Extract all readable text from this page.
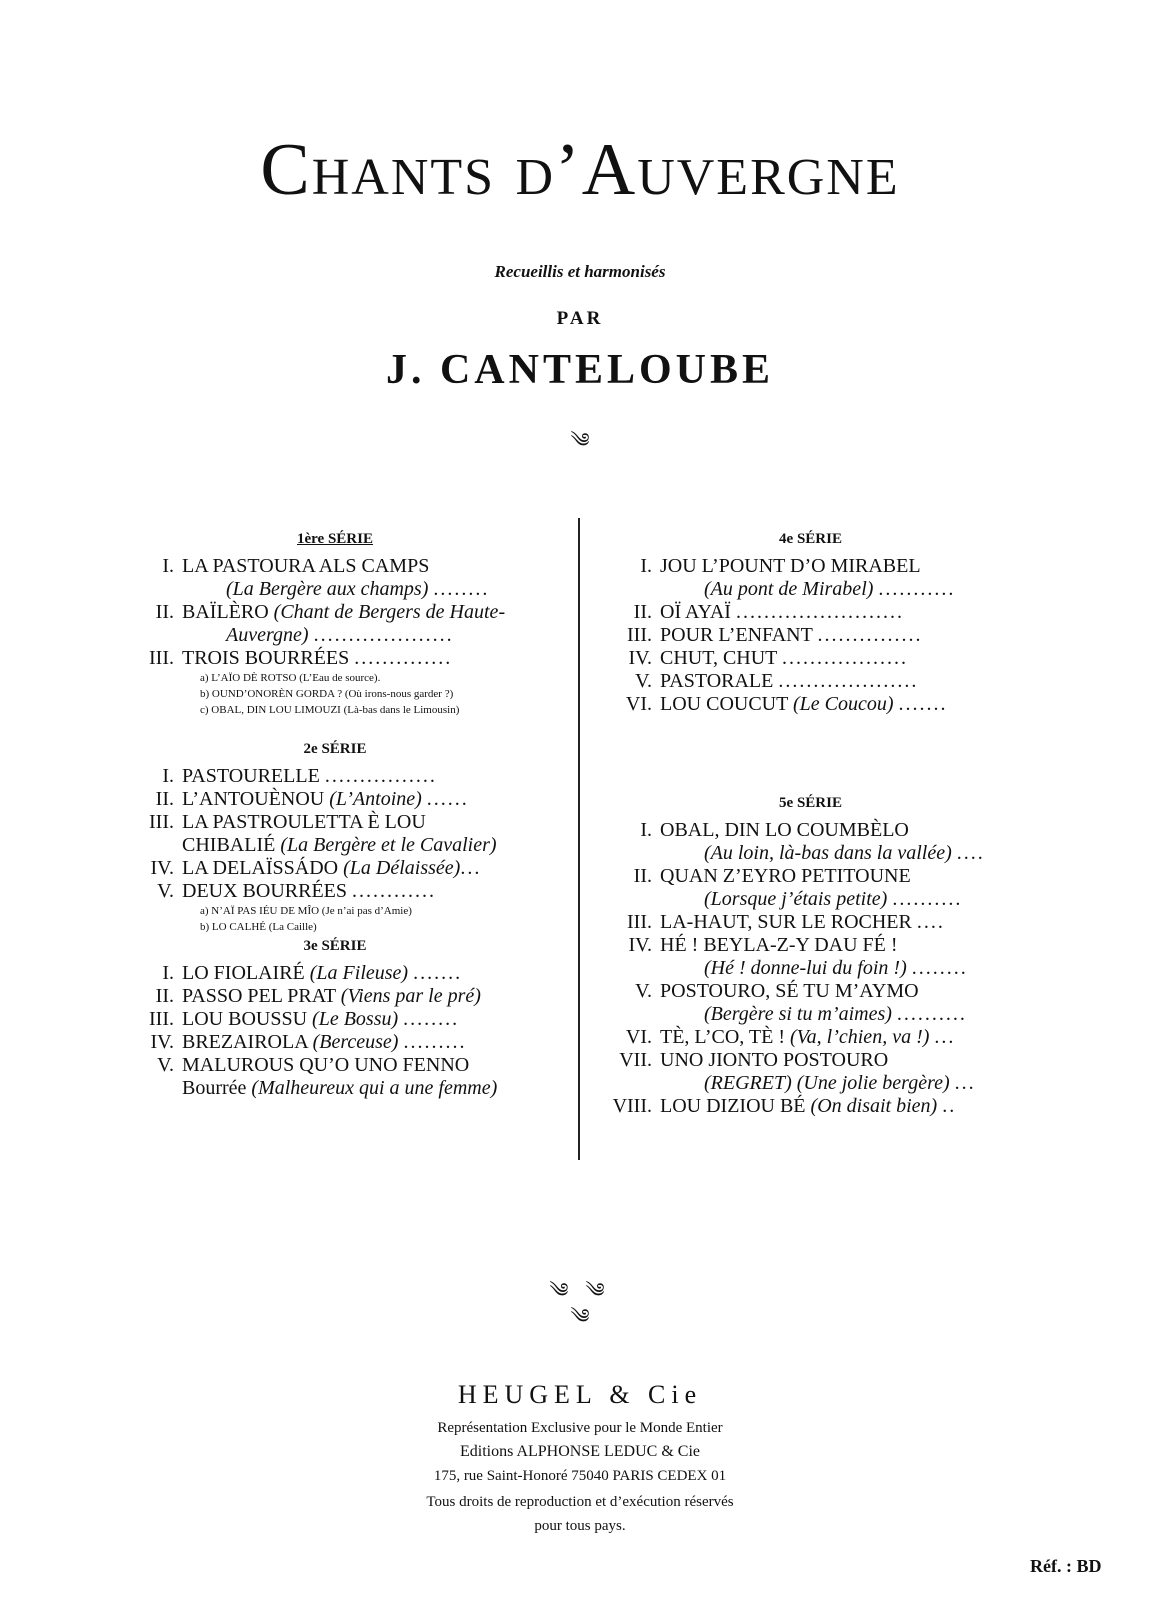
Chants d’Auvergne
Recueillis et harmonisés
PAR
J. CANTELOUBE
༄
1ère SÉRIE
I. LA PASTOURA ALS CAMPS

(La Bergère aux champs) ........
II. BAÏLÈRO (Chant de Bergers de Haute-

Auvergne) ....................
III. TROIS BOURRÉES ..............
a) L’AÏO DÈ ROTSO (L’Eau de source).
b) OUND’ONORÈN GORDA ? (Où irons-nous garder ?)
c) OBAL, DIN LOU LIMOUZI (Là-bas dans le Limousin)
2e SÉRIE
I. PASTOURELLE ................
II. L’ANTOUÈNOU (L’Antoine) ......
III. LA PASTROULETTA È LOU
CHIBALIÉ (La Bergère et le Cavalier)
IV. LA DELAÏSSÁDO (La Délaissée)...
V. DEUX BOURRÉES ............
a) N’AÏ PAS IÉU DE MÎO (Je n’ai pas d’Amie)
b) LO CALHÉ (La Caille)
3e SÉRIE
I. LO FIOLAIRÉ (La Fileuse) .......
II. PASSO PEL PRAT (Viens par le pré)
III. LOU BOUSSU (Le Bossu) ........
IV. BREZAIROLA (Berceuse) .........
V. MALUROUS QU’O UNO FENNO
Bourrée (Malheureux qui a une femme)
4e SÉRIE
I. JOU L’POUNT D’O MIRABEL

(Au pont de Mirabel) ...........
II. OÏ AYAÏ ........................
III. POUR L’ENFANT ...............
IV. CHUT, CHUT ..................
V. PASTORALE ....................
VI. LOU COUCUT (Le Coucou) .......
5e SÉRIE
I. OBAL, DIN LO COUMBÈLO

(Au loin, là-bas dans la vallée) ....
II. QUAN Z’EYRO PETITOUNE

(Lorsque j’étais petite) ..........
III. LA-HAUT, SUR LE ROCHER ....
IV. HÉ ! BEYLA-Z-Y DAU FÉ !

(Hé ! donne-lui du foin !) ........
V. POSTOURO, SÉ TU M’AYMO

(Bergère si tu m’aimes) ..........
VI. TÈ, L’CO, TÈ ! (Va, l’chien, va !) ...
VII. UNO JIONTO POSTOURO

(REGRET) (Une jolie bergère) ...
VIII. LOU DIZIOU BÉ (On disait bien) ..
༄ ༄
༄
HEUGEL & Cie
Représentation Exclusive pour le Monde Entier
Editions ALPHONSE LEDUC & Cie
175, rue Saint-Honoré 75040 PARIS CEDEX 01
Tous droits de reproduction et d’exécution réservés
pour tous pays.
Réf. : BD
